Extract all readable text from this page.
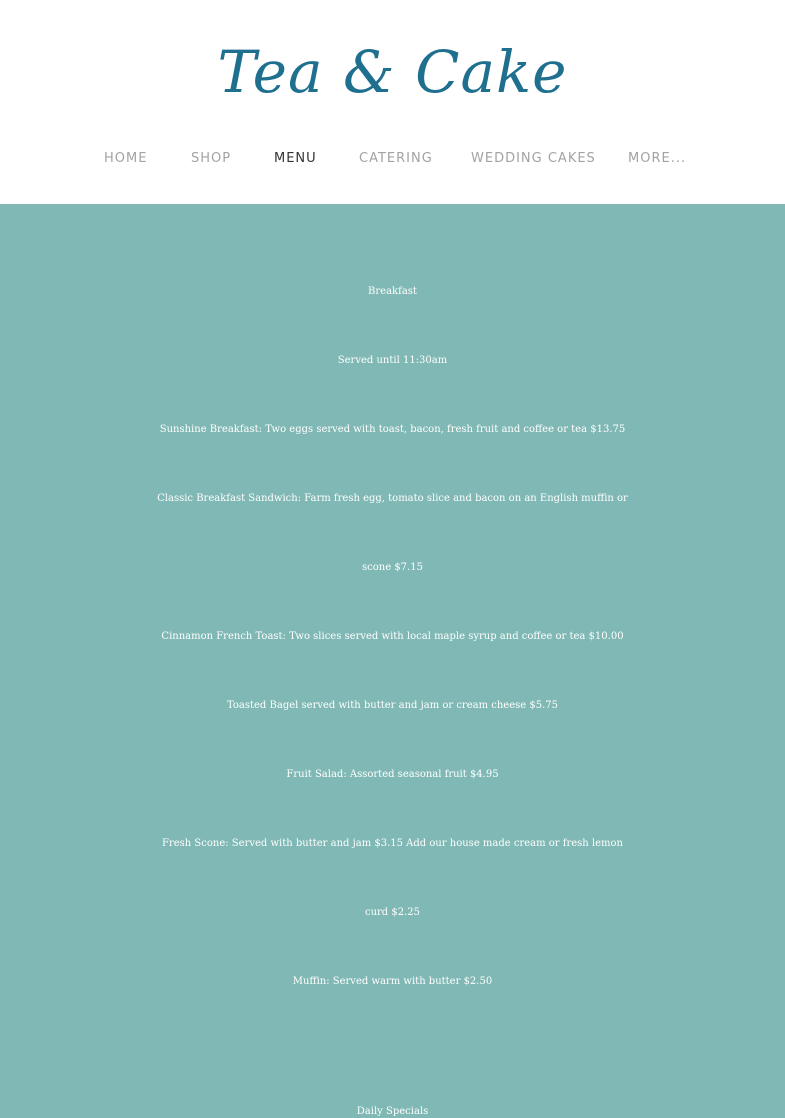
Tea & Cake
HOME	SHOP	MENU	CATERING	WEDDING CAKES MORE...
Breakfast
Served until 11:30am
Sunshine Breakfast: Two eggs served with toast, bacon, fresh fruit and coffee or tea $13.75
Classic Breakfast Sandwich: Farm fresh egg, tomato slice and bacon on an English muffin or
scone $7.15
Cinnamon French Toast: Two slices served with local maple syrup and coffee or tea $10.00
Toasted Bagel served with butter and jam or cream cheese $5.75
Fruit Salad: Assorted seasonal fruit $4.95
Fresh Scone: Served with butter and jam $3.15 Add our house made cream or fresh lemon
curd $2.25
Muffin: Served warm with butter $2.50
Daily Specials
